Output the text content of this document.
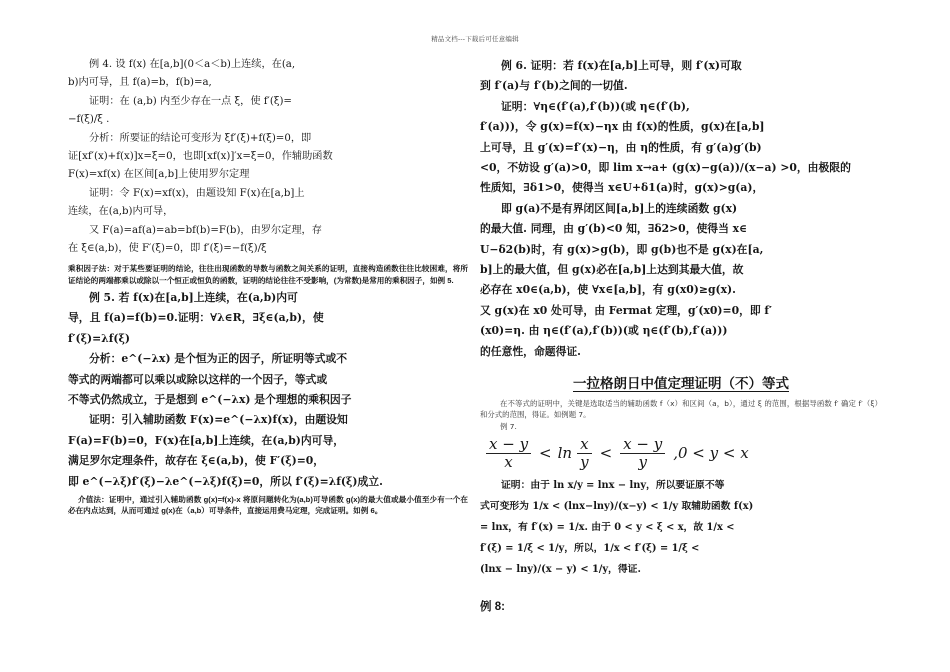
精品文档---下载后可任意编辑

例 4. 设 f(x) 在[a,b](0＜a＜b)上连续，在(a,

b)内可导，且 f(a)=b，f(b)=a,

证明：在 (a,b) 内至少存在一点 ξ，使 f′(ξ)=

−f(ξ)/ξ .

分析：所要证的结论可变形为 ξf′(ξ)+f(ξ)=0，即

证[xf′(x)+f(x)]x=ξ=0，也即[xf(x)]′x=ξ=0，作辅助函数

F(x)=xf(x) 在区间[a,b]上使用罗尔定理

证明：令 F(x)=xf(x)，由题设知 F(x)在[a,b]上

连续，在(a,b)内可导，

又 F(a)=af(a)=ab=bf(b)=F(b)，由罗尔定理，存

在 ξ∈(a,b)，使 F′(ξ)=0，即 f′(ξ)=−f(ξ)/ξ

乘积因子法：对于某些要证明的结论，往往出现函数的导数与函数之间关系的证明，直接构造函数往往比较困难，将所证结论的两端都乘以或除以一个恒正或恒负的函数，证明的结论往往不受影响，(为常数)是常用的乘积因子，如例 5.

例 5. 若 f(x)在[a,b]上连续，在(a,b)内可

导，且 f(a)=f(b)=0.证明：∀λ∈R，∃ξ∈(a,b)，使

f′(ξ)=λf(ξ)

分析：e^(−λx) 是个恒为正的因子，所证明等式或不

等式的两端都可以乘以或除以这样的一个因子，等式或

不等式仍然成立，于是想到 e^(−λx) 是个理想的乘积因子

证明：引入辅助函数 F(x)=e^(−λx)f(x)，由题设知

F(a)=F(b)=0，F(x)在[a,b]上连续，在(a,b)内可导，

满足罗尔定理条件，故存在 ξ∈(a,b)，使 F′(ξ)=0，

即 e^(−λξ)f′(ξ)−λe^(−λξ)f(ξ)=0，所以 f′(ξ)=λf(ξ)成立.

介值法：证明中，通过引入辅助函数 g(x)=f(x)-x 将原问题转化为(a,b)可导函数 g(x)的最大值或最小值至少有一个在必在内点达到，从而可通过 g(x)在（a,b）可导条件，直接运用费马定理，完成证明。如例 6。

例 6. 证明：若 f(x)在[a,b]上可导，则 f′(x)可取

到 f′(a)与 f′(b)之间的一切值.

证明：∀η∈(f′(a),f′(b))(或 η∈(f′(b),

f′(a)))，令 g(x)=f(x)−ηx 由 f(x)的性质，g(x)在[a,b]

上可导，且 g′(x)=f′(x)−η，由 η的性质，有 g′(a)g′(b)

<0，不妨设 g′(a)>0，即 lim x→a+ (g(x)−g(a))/(x−a) >0，由极限的

性质知，∃δ1>0，使得当 x∈U+δ1(a)时，g(x)>g(a)，

即 g(a)不是有界闭区间[a,b]上的连续函数 g(x)

的最大值. 同理，由 g′(b)<0 知，∃δ2>0，使得当 x∈

U−δ2(b)时，有 g(x)>g(b)，即 g(b)也不是 g(x)在[a,

b]上的最大值，但 g(x)必在[a,b]上达到其最大值，故

必存在 x0∈(a,b)，使 ∀x∈[a,b]，有 g(x0)≥g(x).

又 g(x)在 x0 处可导，由 Fermat 定理，g′(x0)=0，即 f′

(x0)=η. 由 η∈(f′(a),f′(b))(或 η∈(f′(b),f′(a)))

的任意性，命题得证.

一拉格朗日中值定理证明（不）等式

在不等式的证明中，关键是选取适当的辅助函数 f（x）和区间（a，b），通过 ξ 的范围，根据导函数 f′ 确定 f′（ξ）和分式的范围，得证。如例题 7。

例 7.

$\frac{x - y}{x} < \ln \frac{x}{y} < \frac{x - y}{y} ,0 < y < x$

证明：由于 ln x/y = lnx − lny，所以要证原不等

式可变形为 1/x < (lnx−lny)/(x−y) < 1/y 取辅助函数 f(x)

= lnx，有 f′(x) = 1/x. 由于 0 < y < ξ < x，故 1/x <

f′(ξ) = 1/ξ < 1/y，所以，1/x < f′(ξ) = 1/ξ <

(lnx − lny)/(x − y) < 1/y，得证.

例 8:
